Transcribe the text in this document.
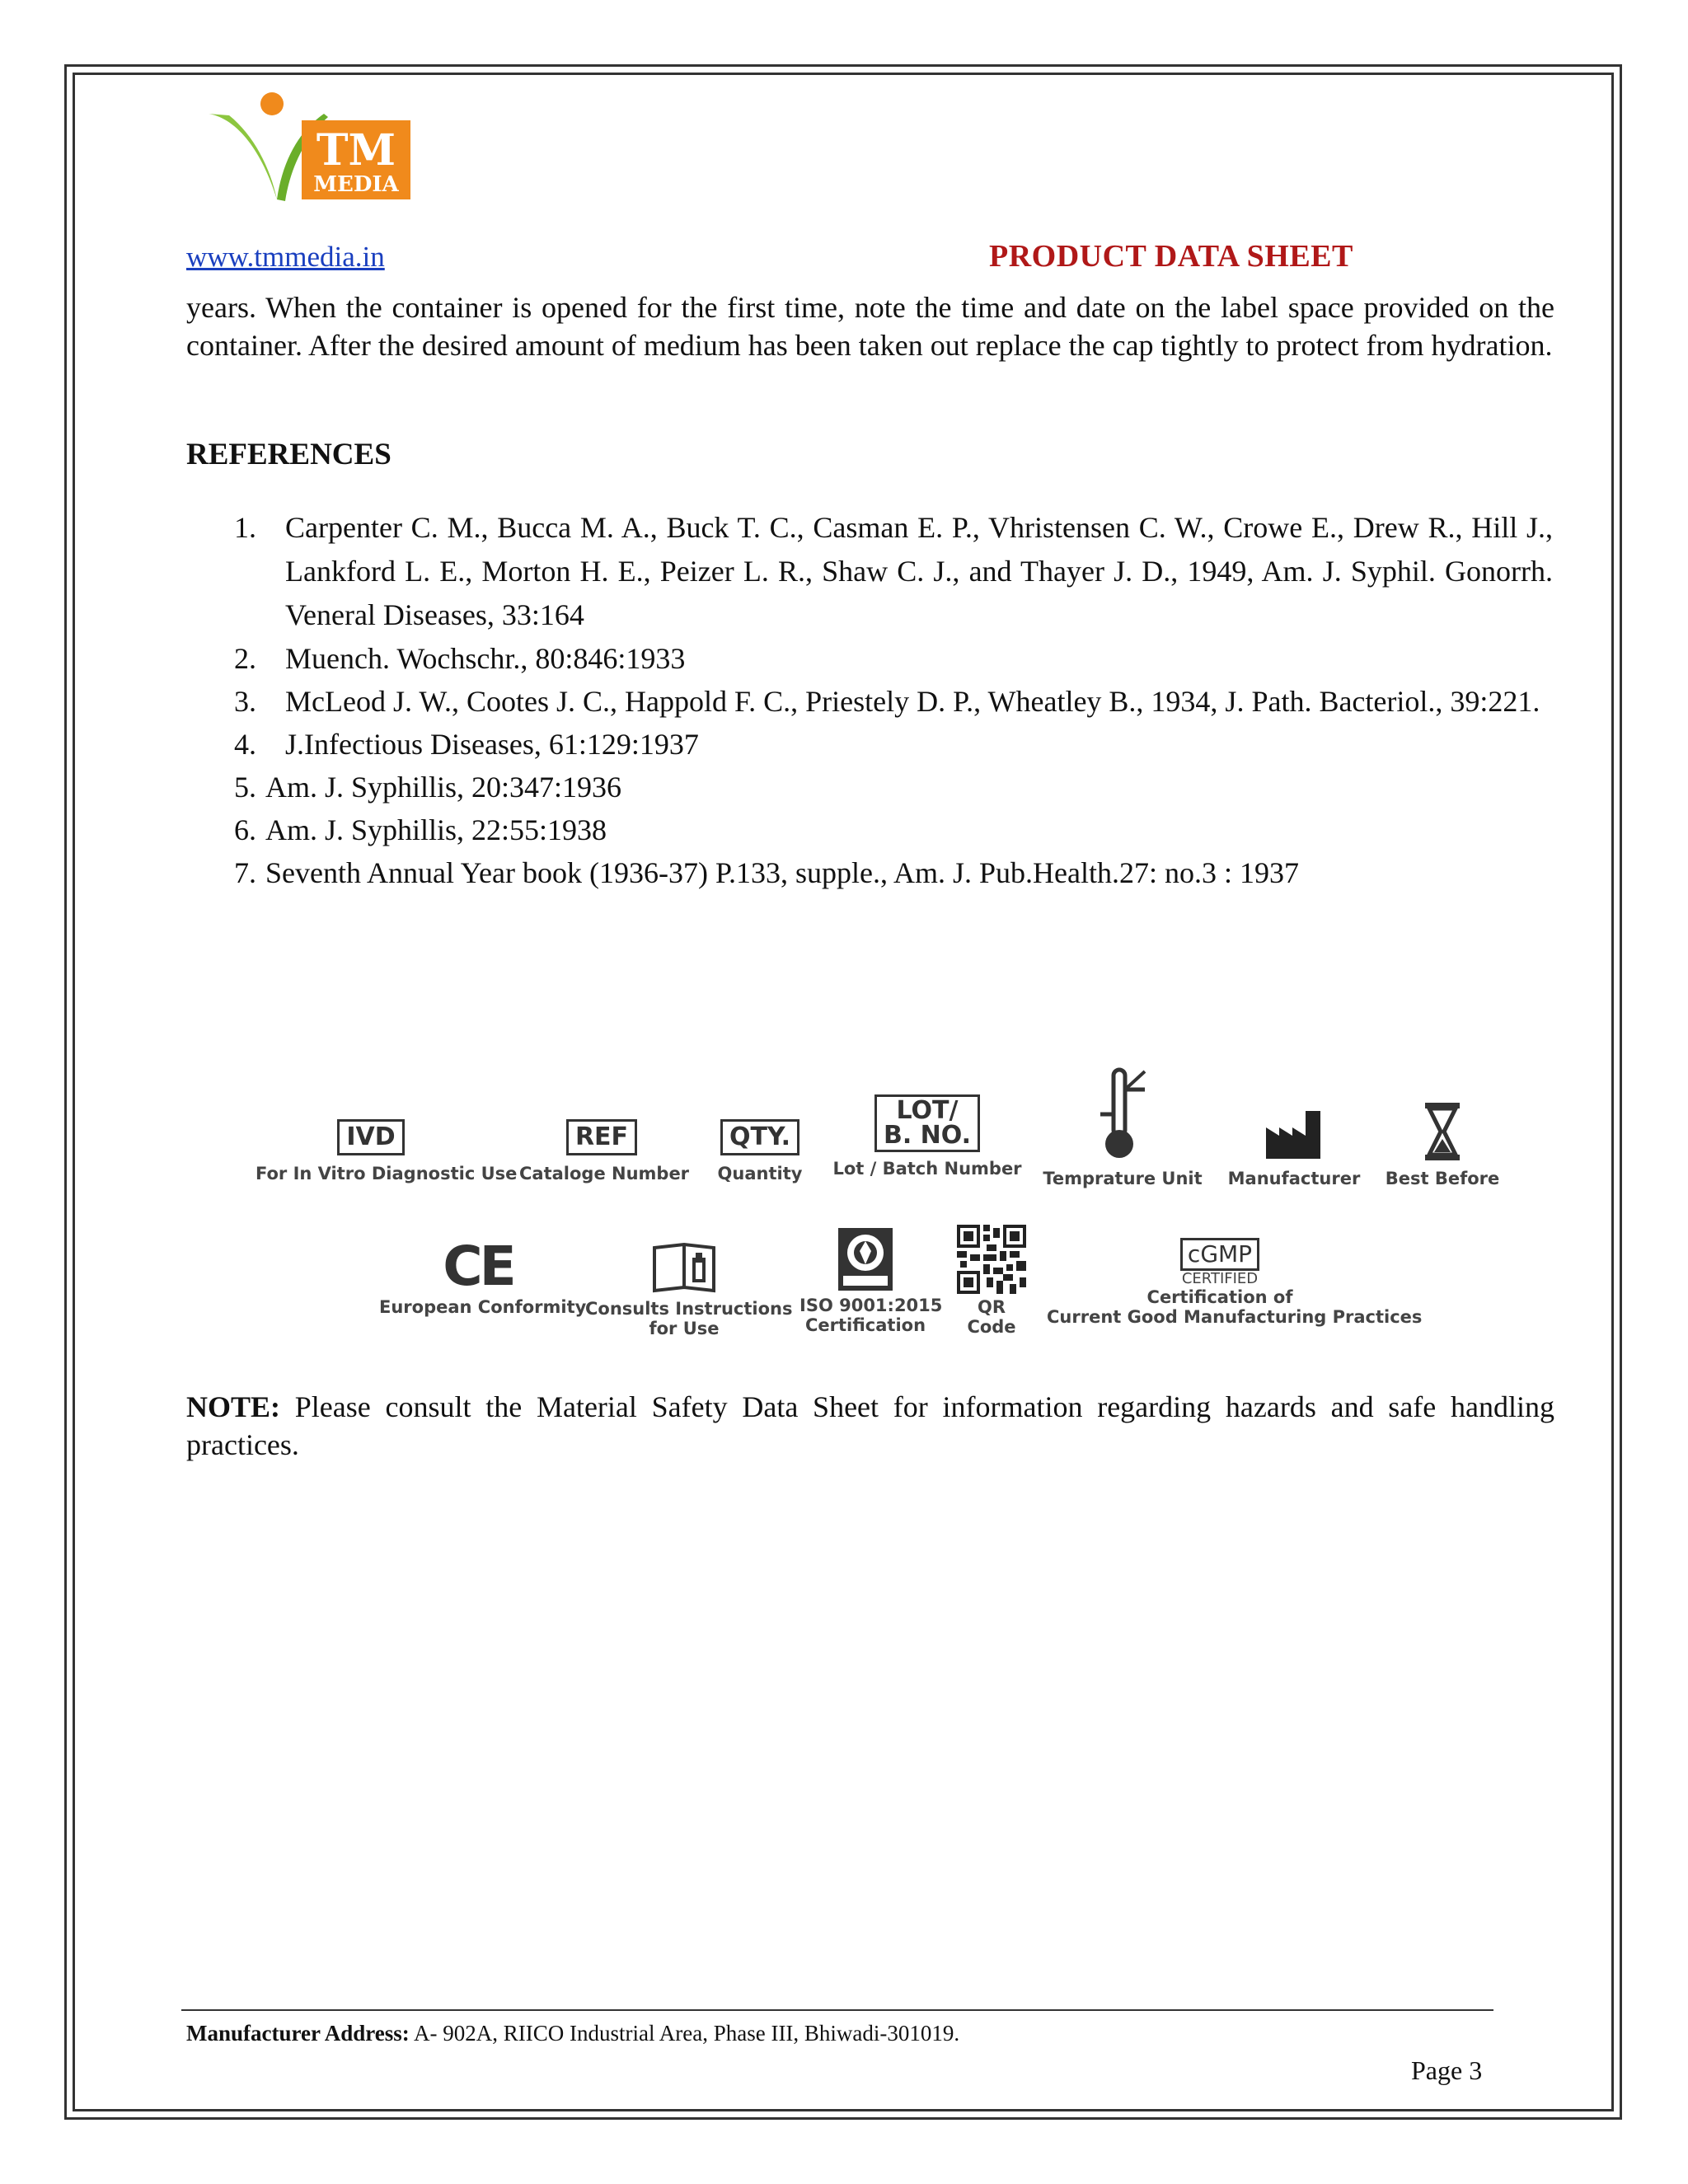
TM
MEDIA
www.tmmedia.in	PRODUCT DATA SHEET
years. When the container is opened for the first time, note the time and date on the label space provided on the container. After the desired amount of medium has been taken out replace the cap tightly to protect from hydration.
REFERENCES
1. Carpenter C. M., Bucca M. A., Buck T. C., Casman E. P., Vhristensen C. W., Crowe E., Drew R., Hill J., Lankford L. E., Morton H. E., Peizer L. R., Shaw C. J., and Thayer J. D., 1949, Am. J. Syphil. Gonorrh. Veneral Diseases, 33:164
2. Muench. Wochschr., 80:846:1933
3. McLeod J. W., Cootes J. C., Happold F. C., Priestely D. P., Wheatley B., 1934, J. Path. Bacteriol., 39:221.
4. J.Infectious Diseases, 61:129:1937
5. Am. J. Syphillis, 20:347:1936
6. Am. J. Syphillis, 22:55:1938
7. Seventh Annual Year book (1936-37) P.133, supple., Am. J. Pub.Health.27: no.3 : 1937
IVD
For In Vitro Diagnostic Use
REF
Cataloge Number
QTY.
Quantity
LOT/
B. NO.
Lot / Batch Number Temprature Unit	Manufacturer	Best Before
CE
European Conformity
Consults Instructions
for Use
ISO 9001:2015
Certification
QR
Code
cGMP
CERTIFIED
Certification of
Current Good Manufacturing Practices
NOTE: Please consult the Material Safety Data Sheet for information regarding hazards and safe handling practices.
Manufacturer Address: A- 902A, RIICO Industrial Area, Phase III, Bhiwadi-301019.
Page 3
